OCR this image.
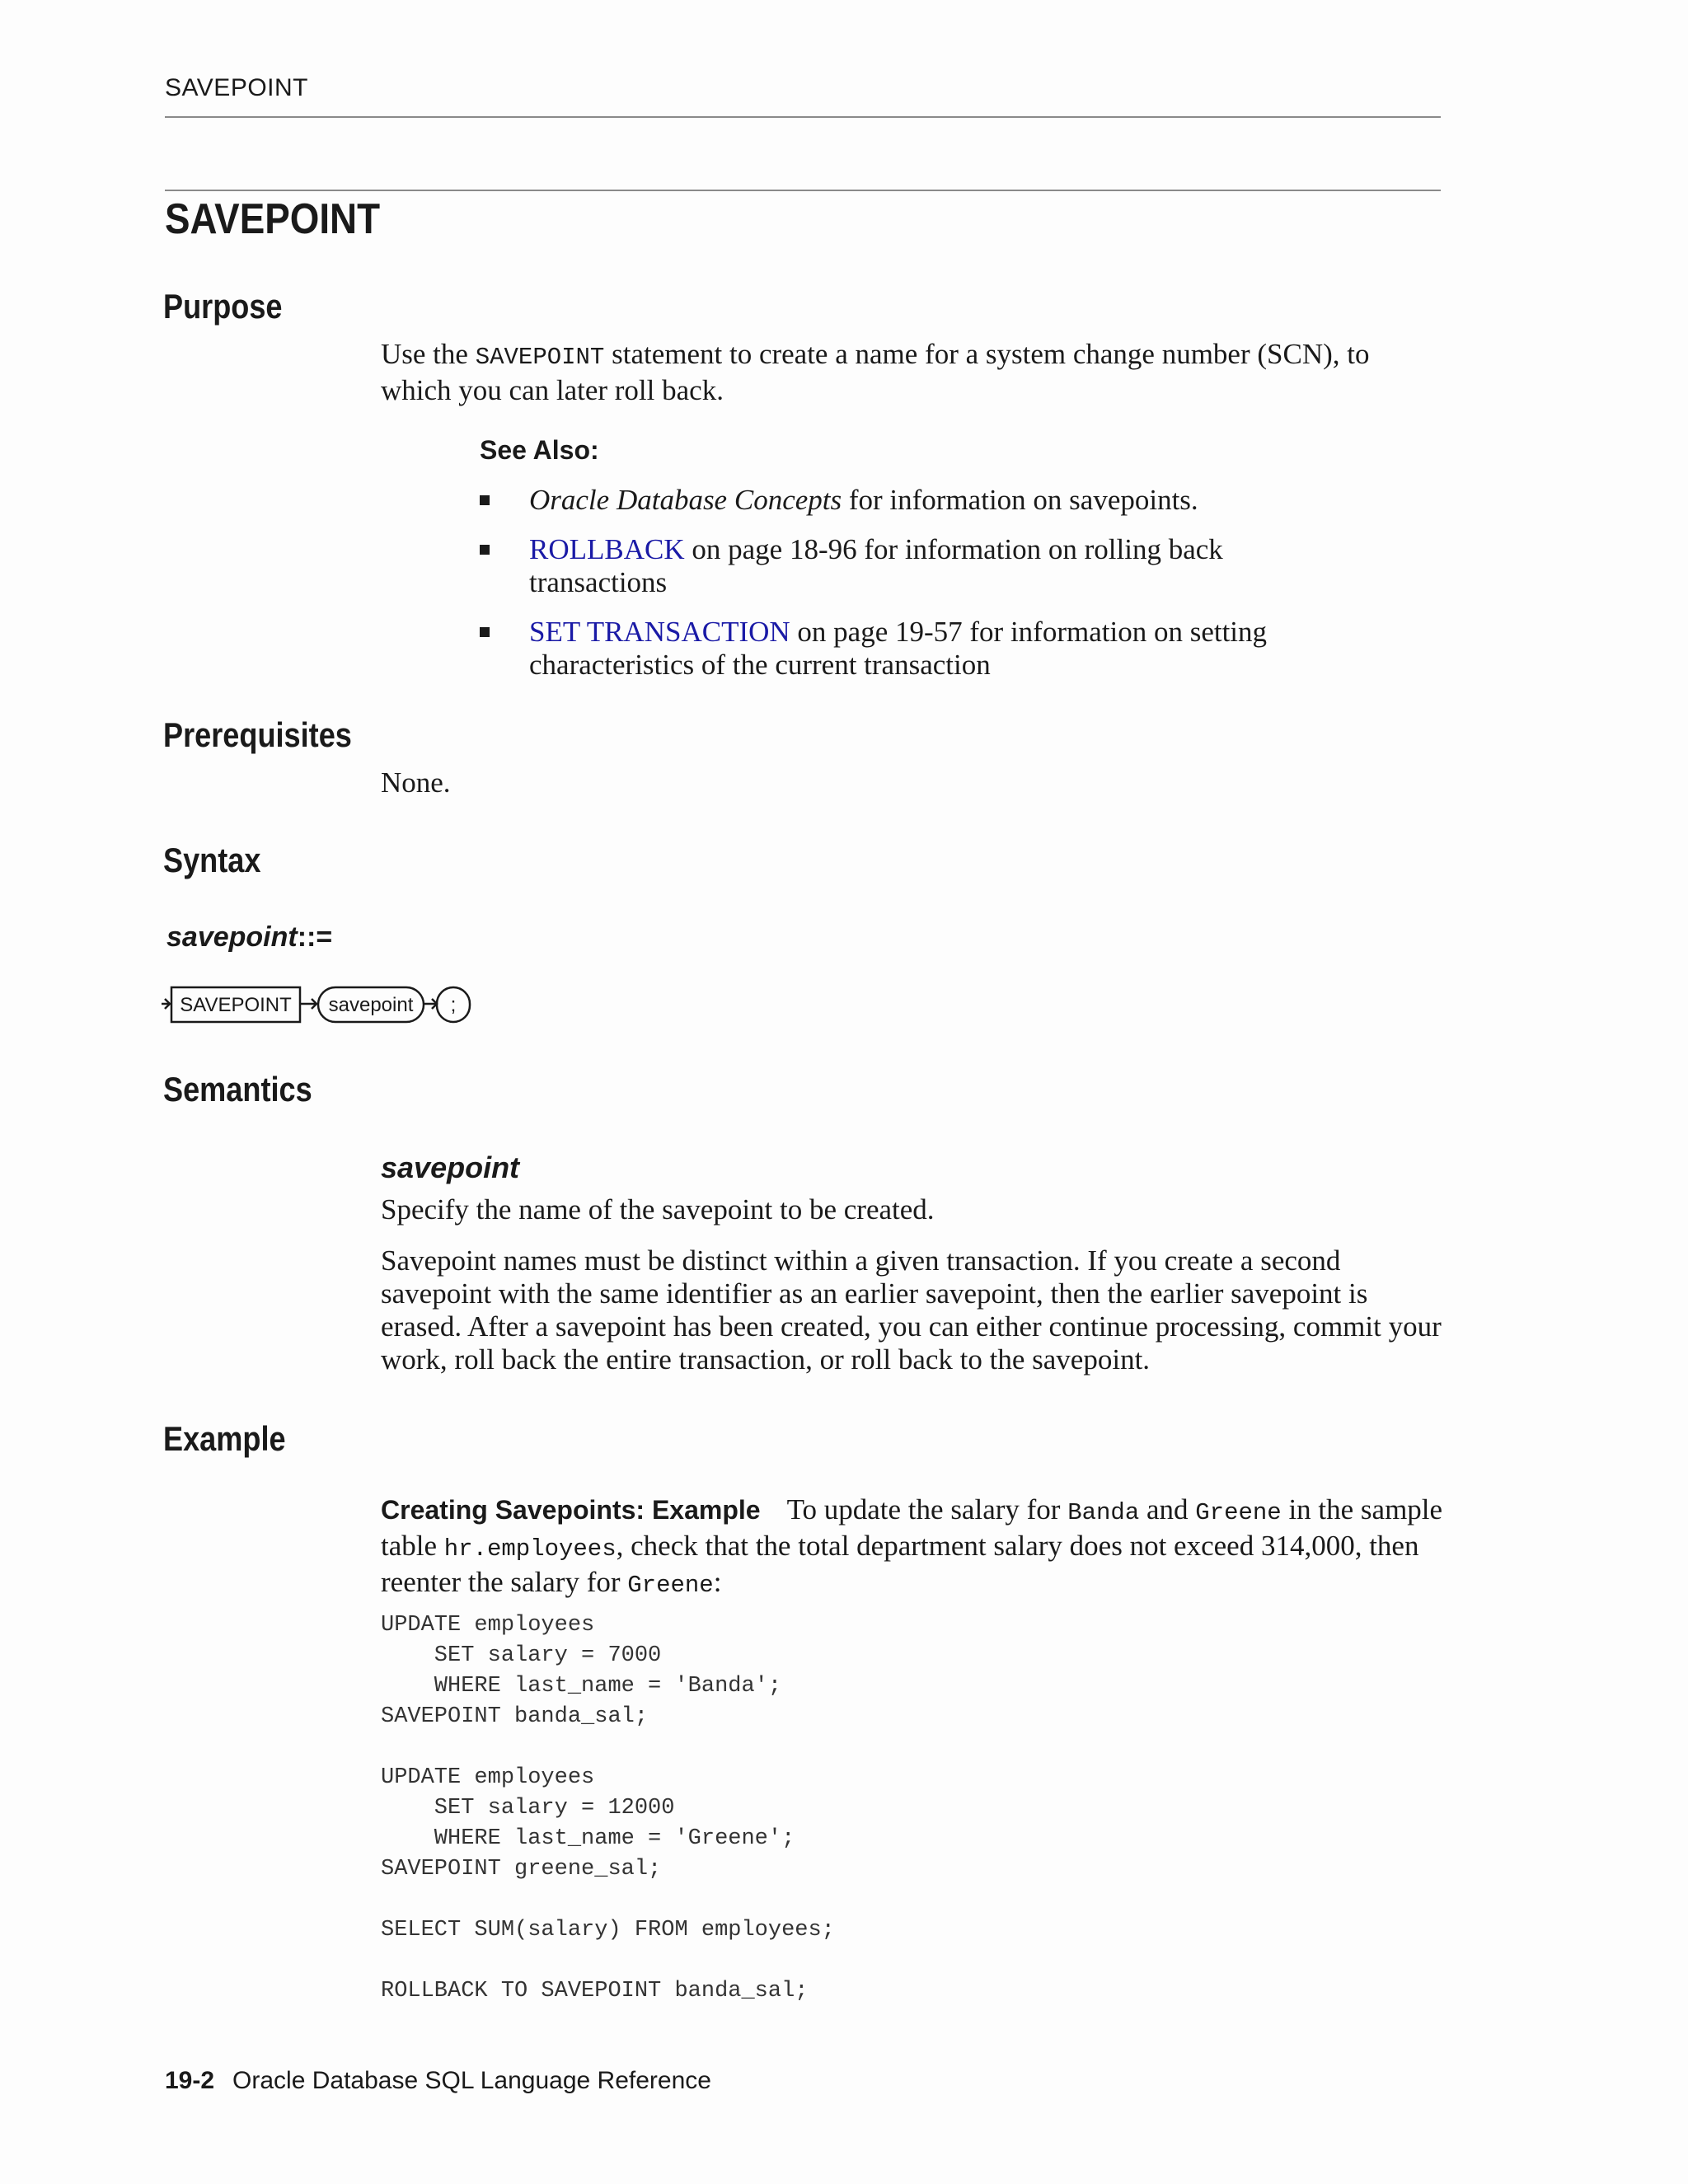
SAVEPOINT
SAVEPOINT
Purpose

Use the SAVEPOINT statement to create a name for a system change number (SCN), to which you can later roll back.

See Also:
Oracle Database Concepts for information on savepoints.
ROLLBACK on page 18-96 for information on rolling back transactions
SET TRANSACTION on page 19-57 for information on setting characteristics of the current transaction
Prerequisites

None.

Syntax
savepoint::=
SAVEPOINT savepoint ;
Semantics
savepoint

Specify the name of the savepoint to be created.

Savepoint names must be distinct within a given transaction. If you create a second savepoint with the same identifier as an earlier savepoint, then the earlier savepoint is erased. After a savepoint has been created, you can either continue processing, commit your work, roll back the entire transaction, or roll back to the savepoint.

Example

Creating Savepoints: Example To update the salary for Banda and Greene in the sample table hr.employees, check that the total department salary does not exceed 314,000, then reenter the salary for Greene:

UPDATE employees
SET salary = 7000
WHERE last_name = 'Banda';
SAVEPOINT banda_sal;

UPDATE employees
SET salary = 12000
WHERE last_name = 'Greene';
SAVEPOINT greene_sal;

SELECT SUM(salary) FROM employees;

ROLLBACK TO SAVEPOINT banda_sal;
19-2 Oracle Database SQL Language Reference
